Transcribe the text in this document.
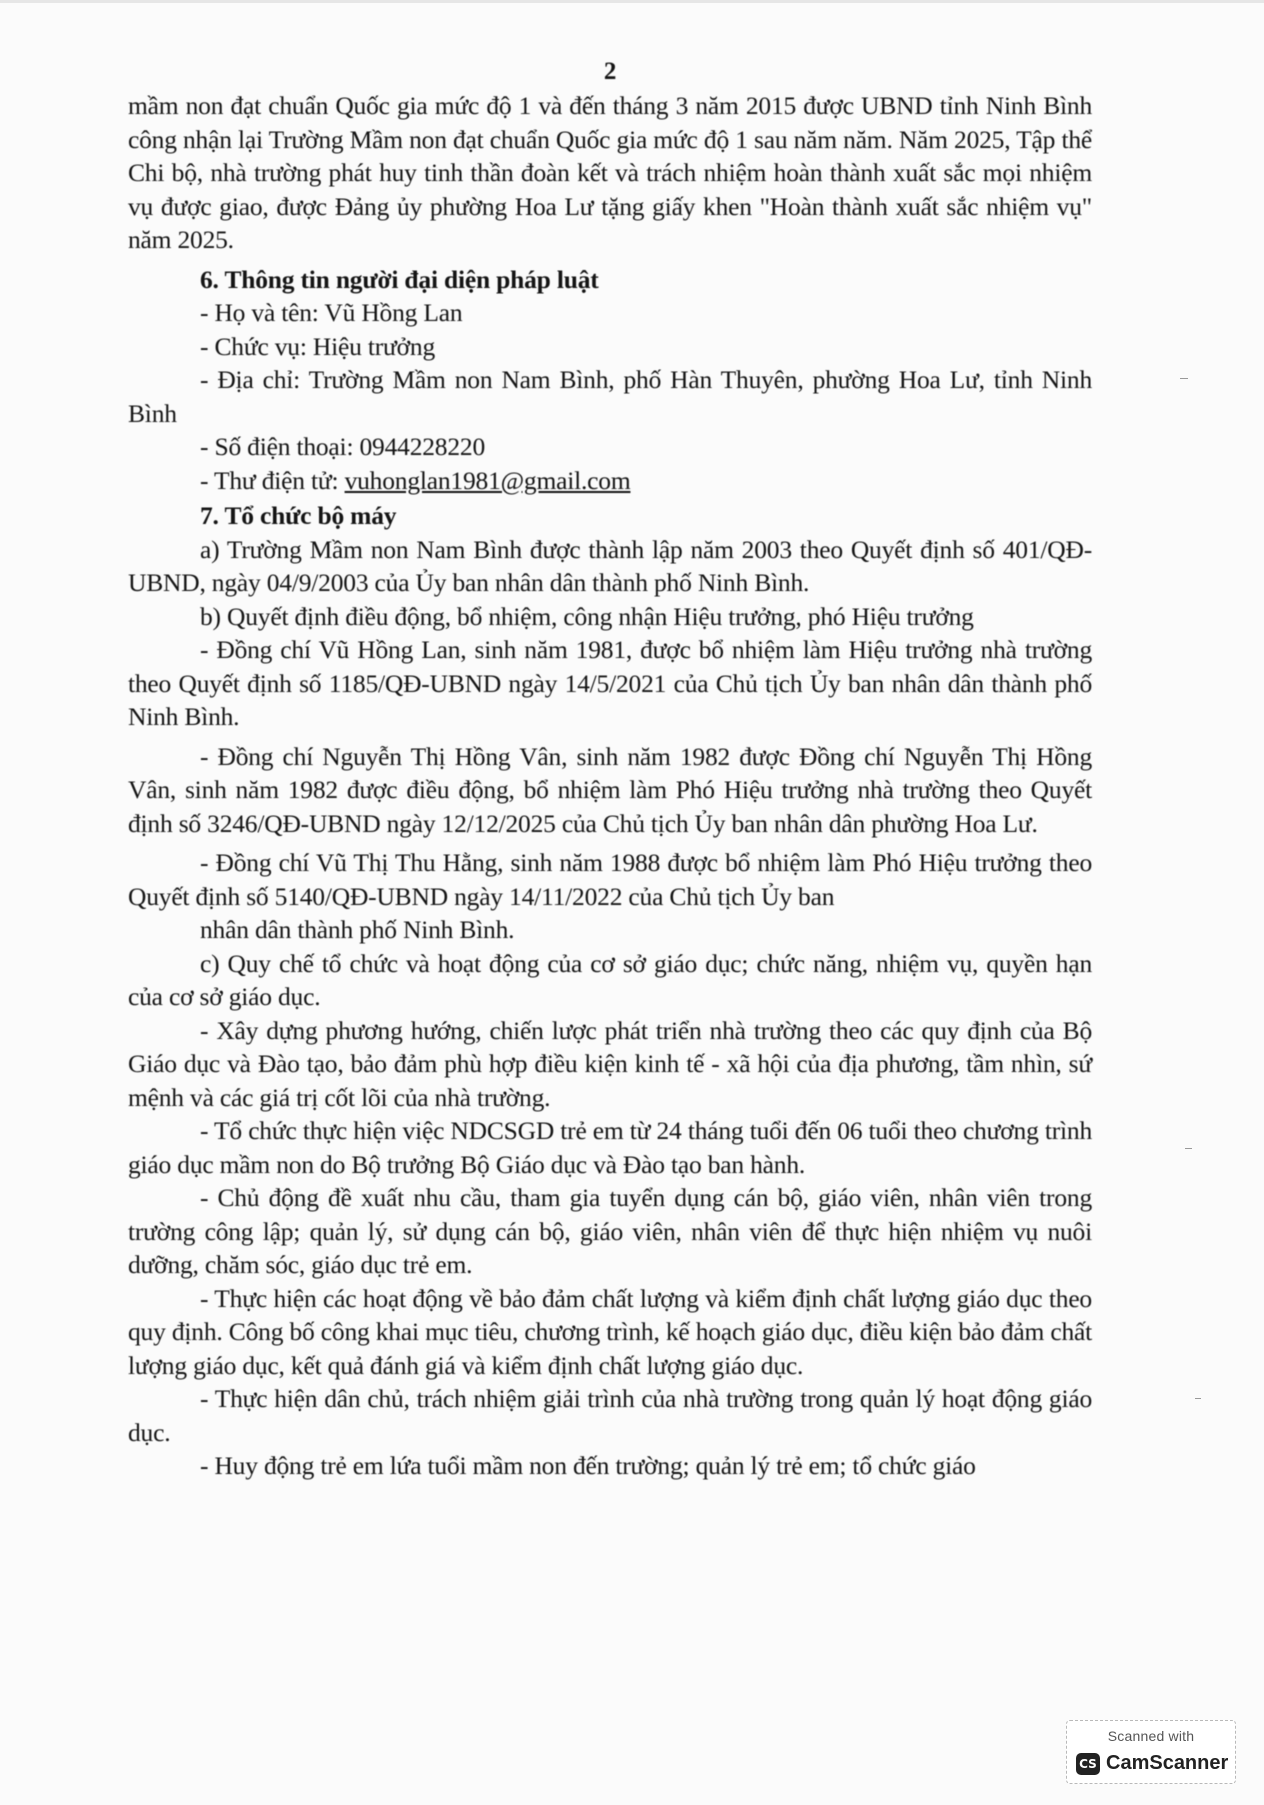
2

mầm non đạt chuẩn Quốc gia mức độ 1 và đến tháng 3 năm 2015 được UBND tỉnh Ninh Bình công nhận lại Trường Mầm non đạt chuẩn Quốc gia mức độ 1 sau năm năm. Năm 2025, Tập thể Chi bộ, nhà trường phát huy tinh thần đoàn kết và trách nhiệm hoàn thành xuất sắc mọi nhiệm vụ được giao, được Đảng ủy phường Hoa Lư tặng giấy khen "Hoàn thành xuất sắc nhiệm vụ" năm 2025.

6. Thông tin người đại diện pháp luật

- Họ và tên: Vũ Hồng Lan

- Chức vụ: Hiệu trưởng

- Địa chỉ: Trường Mầm non Nam Bình, phố Hàn Thuyên, phường Hoa Lư, tỉnh Ninh Bình

- Số điện thoại: 0944228220

- Thư điện tử: vuhonglan1981@gmail.com

7. Tổ chức bộ máy

a) Trường Mầm non Nam Bình được thành lập năm 2003 theo Quyết định số 401/QĐ-UBND, ngày 04/9/2003 của Ủy ban nhân dân thành phố Ninh Bình.

b) Quyết định điều động, bổ nhiệm, công nhận Hiệu trưởng, phó Hiệu trưởng

- Đồng chí Vũ Hồng Lan, sinh năm 1981, được bổ nhiệm làm Hiệu trưởng nhà trường theo Quyết định số 1185/QĐ-UBND ngày 14/5/2021 của Chủ tịch Ủy ban nhân dân thành phố Ninh Bình.

- Đồng chí Nguyễn Thị Hồng Vân, sinh năm 1982 được Đồng chí Nguyễn Thị Hồng Vân, sinh năm 1982 được điều động, bổ nhiệm làm Phó Hiệu trưởng nhà trường theo Quyết định số 3246/QĐ-UBND ngày 12/12/2025 của Chủ tịch Ủy ban nhân dân phường Hoa Lư.

- Đồng chí Vũ Thị Thu Hằng, sinh năm 1988 được bổ nhiệm làm Phó Hiệu trưởng theo Quyết định số 5140/QĐ-UBND ngày 14/11/2022 của Chủ tịch Ủy ban

nhân dân thành phố Ninh Bình.

c) Quy chế tổ chức và hoạt động của cơ sở giáo dục; chức năng, nhiệm vụ, quyền hạn của cơ sở giáo dục.

- Xây dựng phương hướng, chiến lược phát triển nhà trường theo các quy định của Bộ Giáo dục và Đào tạo, bảo đảm phù hợp điều kiện kinh tế - xã hội của địa phương, tầm nhìn, sứ mệnh và các giá trị cốt lõi của nhà trường.

- Tổ chức thực hiện việc NDCSGD trẻ em từ 24 tháng tuổi đến 06 tuổi theo chương trình giáo dục mầm non do Bộ trưởng Bộ Giáo dục và Đào tạo ban hành.

- Chủ động đề xuất nhu cầu, tham gia tuyển dụng cán bộ, giáo viên, nhân viên trong trường công lập; quản lý, sử dụng cán bộ, giáo viên, nhân viên để thực hiện nhiệm vụ nuôi dưỡng, chăm sóc, giáo dục trẻ em.

- Thực hiện các hoạt động về bảo đảm chất lượng và kiểm định chất lượng giáo dục theo quy định. Công bố công khai mục tiêu, chương trình, kế hoạch giáo dục, điều kiện bảo đảm chất lượng giáo dục, kết quả đánh giá và kiểm định chất lượng giáo dục.

- Thực hiện dân chủ, trách nhiệm giải trình của nhà trường trong quản lý hoạt động giáo dục.

- Huy động trẻ em lứa tuổi mầm non đến trường; quản lý trẻ em; tổ chức giáo

Scanned with
CS CamScanner
